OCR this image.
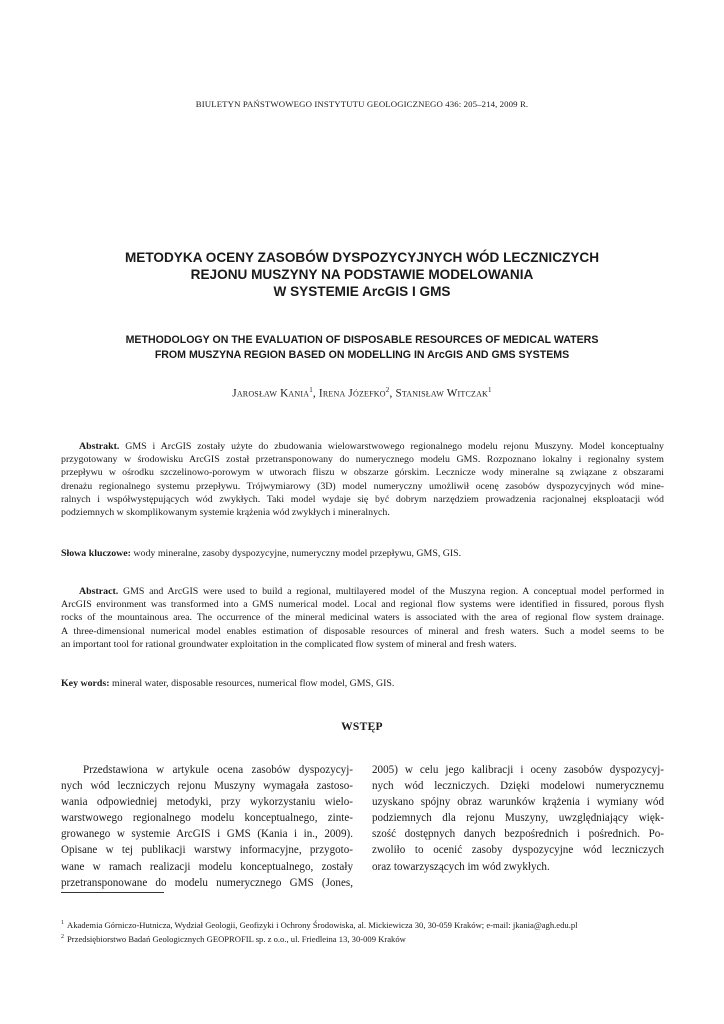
BIULETYN PAŃSTWOWEGO INSTYTUTU GEOLOGICZNEGO 436: 205–214, 2009 R.
METODYKA OCENY ZASOBÓW DYSPOZYCYJNYCH WÓD LECZNICZYCH
REJONU MUSZYNY NA PODSTAWIE MODELOWANIA
W SYSTEMIE ArcGIS I GMS
METHODOLOGY ON THE EVALUATION OF DISPOSABLE RESOURCES OF MEDICAL WATERS
FROM MUSZYNA REGION BASED ON MODELLING IN ArcGIS AND GMS SYSTEMS
Jarosław Kania$^1$, Irena Józefko$^2$, Stanisław Witczak$^1$
Abstrakt. GMS i ArcGIS zostały użyte do zbudowania wielowarstwowego regionalnego modelu rejonu Muszyny. Model konceptualny
przygotowany w środowisku ArcGIS został przetransponowany do numerycznego modelu GMS. Rozpoznano lokalny i regionalny system
przepływu w ośrodku szczelinowo-porowym w utworach fliszu w obszarze górskim. Lecznicze wody mineralne są związane z obszarami
drenażu regionalnego systemu przepływu. Trójwymiarowy (3D) model numeryczny umożliwił ocenę zasobów dyspozycyjnych wód mine-
ralnych i współwystępujących wód zwykłych. Taki model wydaje się być dobrym narzędziem prowadzenia racjonalnej eksploatacji wód
podziemnych w skomplikowanym systemie krążenia wód zwykłych i mineralnych.
Słowa kluczowe: wody mineralne, zasoby dyspozycyjne, numeryczny model przepływu, GMS, GIS.
Abstract. GMS and ArcGIS were used to build a regional, multilayered model of the Muszyna region. A conceptual model performed in
ArcGIS environment was transformed into a GMS numerical model. Local and regional flow systems were identified in fissured, porous flysh
rocks of the mountainous area. The occurrence of the mineral medicinal waters is associated with the area of regional flow system drainage.
A three-dimensional numerical model enables estimation of disposable resources of mineral and fresh waters. Such a model seems to be
an important tool for rational groundwater exploitation in the complicated flow system of mineral and fresh waters.
Key words: mineral water, disposable resources, numerical flow model, GMS, GIS.
WSTĘP
Przedstawiona w artykule ocena zasobów dyspozycyj-
nych wód leczniczych rejonu Muszyny wymagała zastoso-
wania odpowiedniej metodyki, przy wykorzystaniu wielo-
warstwowego regionalnego modelu konceptualnego, zinte-
growanego w systemie ArcGIS i GMS (Kania i in., 2009).
Opisane w tej publikacji warstwy informacyjne, przygoto-
wane w ramach realizacji modelu konceptualnego, zostały
przetransponowane do modelu numerycznego GMS (Jones,
2005) w celu jego kalibracji i oceny zasobów dyspozycyj-
nych wód leczniczych. Dzięki modelowi numerycznemu
uzyskano spójny obraz warunków krążenia i wymiany wód
podziemnych dla rejonu Muszyny, uwzględniający więk-
szość dostępnych danych bezpośrednich i pośrednich. Po-
zwoliło to ocenić zasoby dyspozycyjne wód leczniczych
oraz towarzyszących im wód zwykłych.
$^1$ Akademia Górniczo-Hutnicza, Wydział Geologii, Geofizyki i Ochrony Środowiska, al. Mickiewicza 30, 30-059 Kraków; e-mail: jkania@agh.edu.pl
$^2$ Przedsiębiorstwo Badań Geologicznych GEOPROFIL sp. z o.o., ul. Friedleina 13, 30-009 Kraków
